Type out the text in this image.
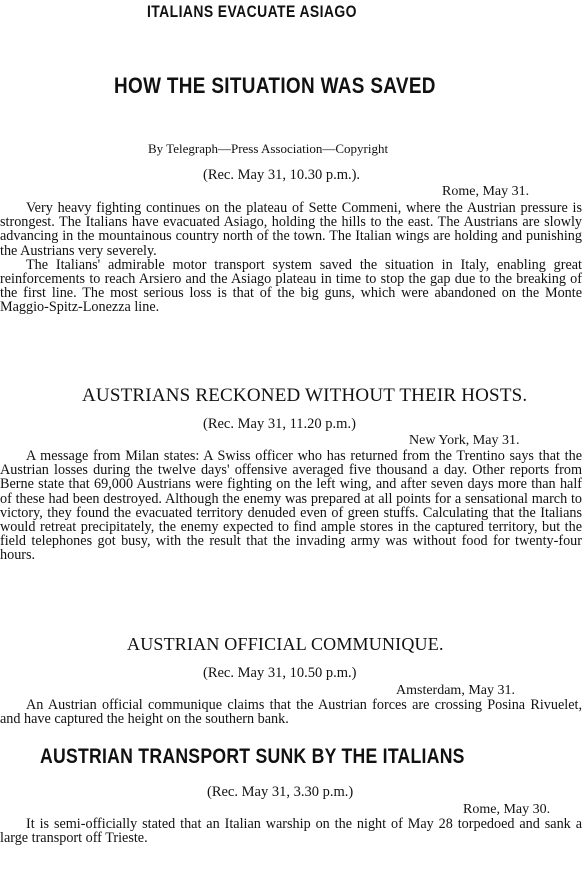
ITALIANS EVACUATE ASIAGO
HOW THE SITUATION WAS SAVED
By Telegraph—Press Association—Copyright
(Rec. May 31, 10.30 p.m.).
Rome, May 31.

Very heavy fighting continues on the plateau of Sette Commeni, where the Austrian pressure is strongest. The Italians have evacuated Asiago, holding the hills to the east. The Austrians are slowly advancing in the mountainous country north of the town. The Italian wings are holding and punishing the Austrians very severely.

The Italians' admirable motor transport system saved the situation in Italy, enabling great reinforcements to reach Arsiero and the Asiago plateau in time to stop the gap due to the breaking of the first line. The most serious loss is that of the big guns, which were abandoned on the Monte Maggio-Spitz-Lonezza line.

AUSTRIANS RECKONED WITHOUT THEIR HOSTS.
(Rec. May 31, 11.20 p.m.)
New York, May 31.

A message from Milan states: A Swiss officer who has returned from the Trentino says that the Austrian losses during the twelve days' offensive averaged five thousand a day. Other reports from Berne state that 69,000 Austrians were fighting on the left wing, and after seven days more than half of these had been destroyed. Although the enemy was prepared at all points for a sensational march to victory, they found the evacuated territory denuded even of green stuffs. Calculating that the Italians would retreat precipitately, the enemy expected to find ample stores in the captured territory, but the field telephones got busy, with the result that the invading army was without food for twenty-four hours.

AUSTRIAN OFFICIAL COMMUNIQUE.
(Rec. May 31, 10.50 p.m.)
Amsterdam, May 31.

An Austrian official communique claims that the Austrian forces are crossing Posina Rivuelet, and have captured the height on the southern bank.

AUSTRIAN TRANSPORT SUNK BY THE ITALIANS
(Rec. May 31, 3.30 p.m.)
Rome, May 30.

It is semi-officially stated that an Italian warship on the night of May 28 torpedoed and sank a large transport off Trieste.
